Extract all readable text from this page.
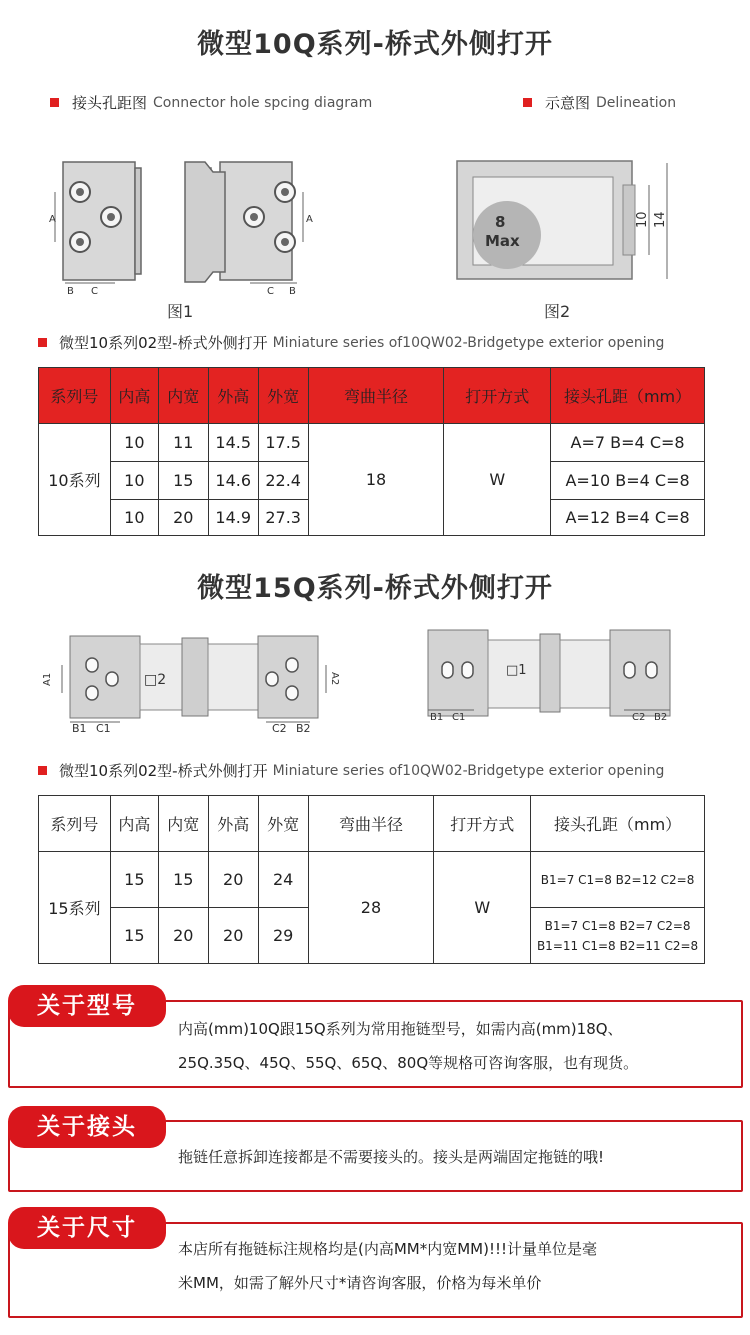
微型10Q系列-桥式外侧打开
接头孔距图 Connector hole spcing diagram	示意图 Delineation
A	A
B C	C B
图1
8
Max
10 14
图2
微型10系列02型-桥式外侧打开 Miniature series of10QW02-Bridgetype exterior opening
系列号	内高	内宽	外高	外宽	弯曲半径	打开方式	接头孔距（mm）
10系列	10	11	14.5	17.5	18	W	A=7 B=4 C=8
	10	15	14.6	22.4			A=10 B=4 C=8
	10	20	14.9	27.3			A=12 B=4 C=8
微型15Q系列-桥式外侧打开
□2
A1	A2
B1 C1	C2 B2
□1
B1 C1	C2 B2
微型10系列02型-桥式外侧打开 Miniature series of10QW02-Bridgetype exterior opening
系列号	内高	内宽	外高	外宽	弯曲半径	打开方式	接头孔距（mm）
15系列	15	15	20	24	28	W	B1=7 C1=8 B2=12 C2=8

	15	20	20	29			B1=7 C1=8 B2=7 C2=8
B1=11 C1=8 B2=11 C2=8
关于型号
内高(mm)10Q跟15Q系列为常用拖链型号，如需内高(mm)18Q、
25Q.35Q、45Q、55Q、65Q、80Q等规格可咨询客服，也有现货。
关于接头
拖链任意拆卸连接都是不需要接头的。接头是两端固定拖链的哦!
关于尺寸
本店所有拖链标注规格均是(内高MM*内宽MM)!!!计量单位是毫
米MM，如需了解外尺寸*请咨询客服，价格为每米单价
